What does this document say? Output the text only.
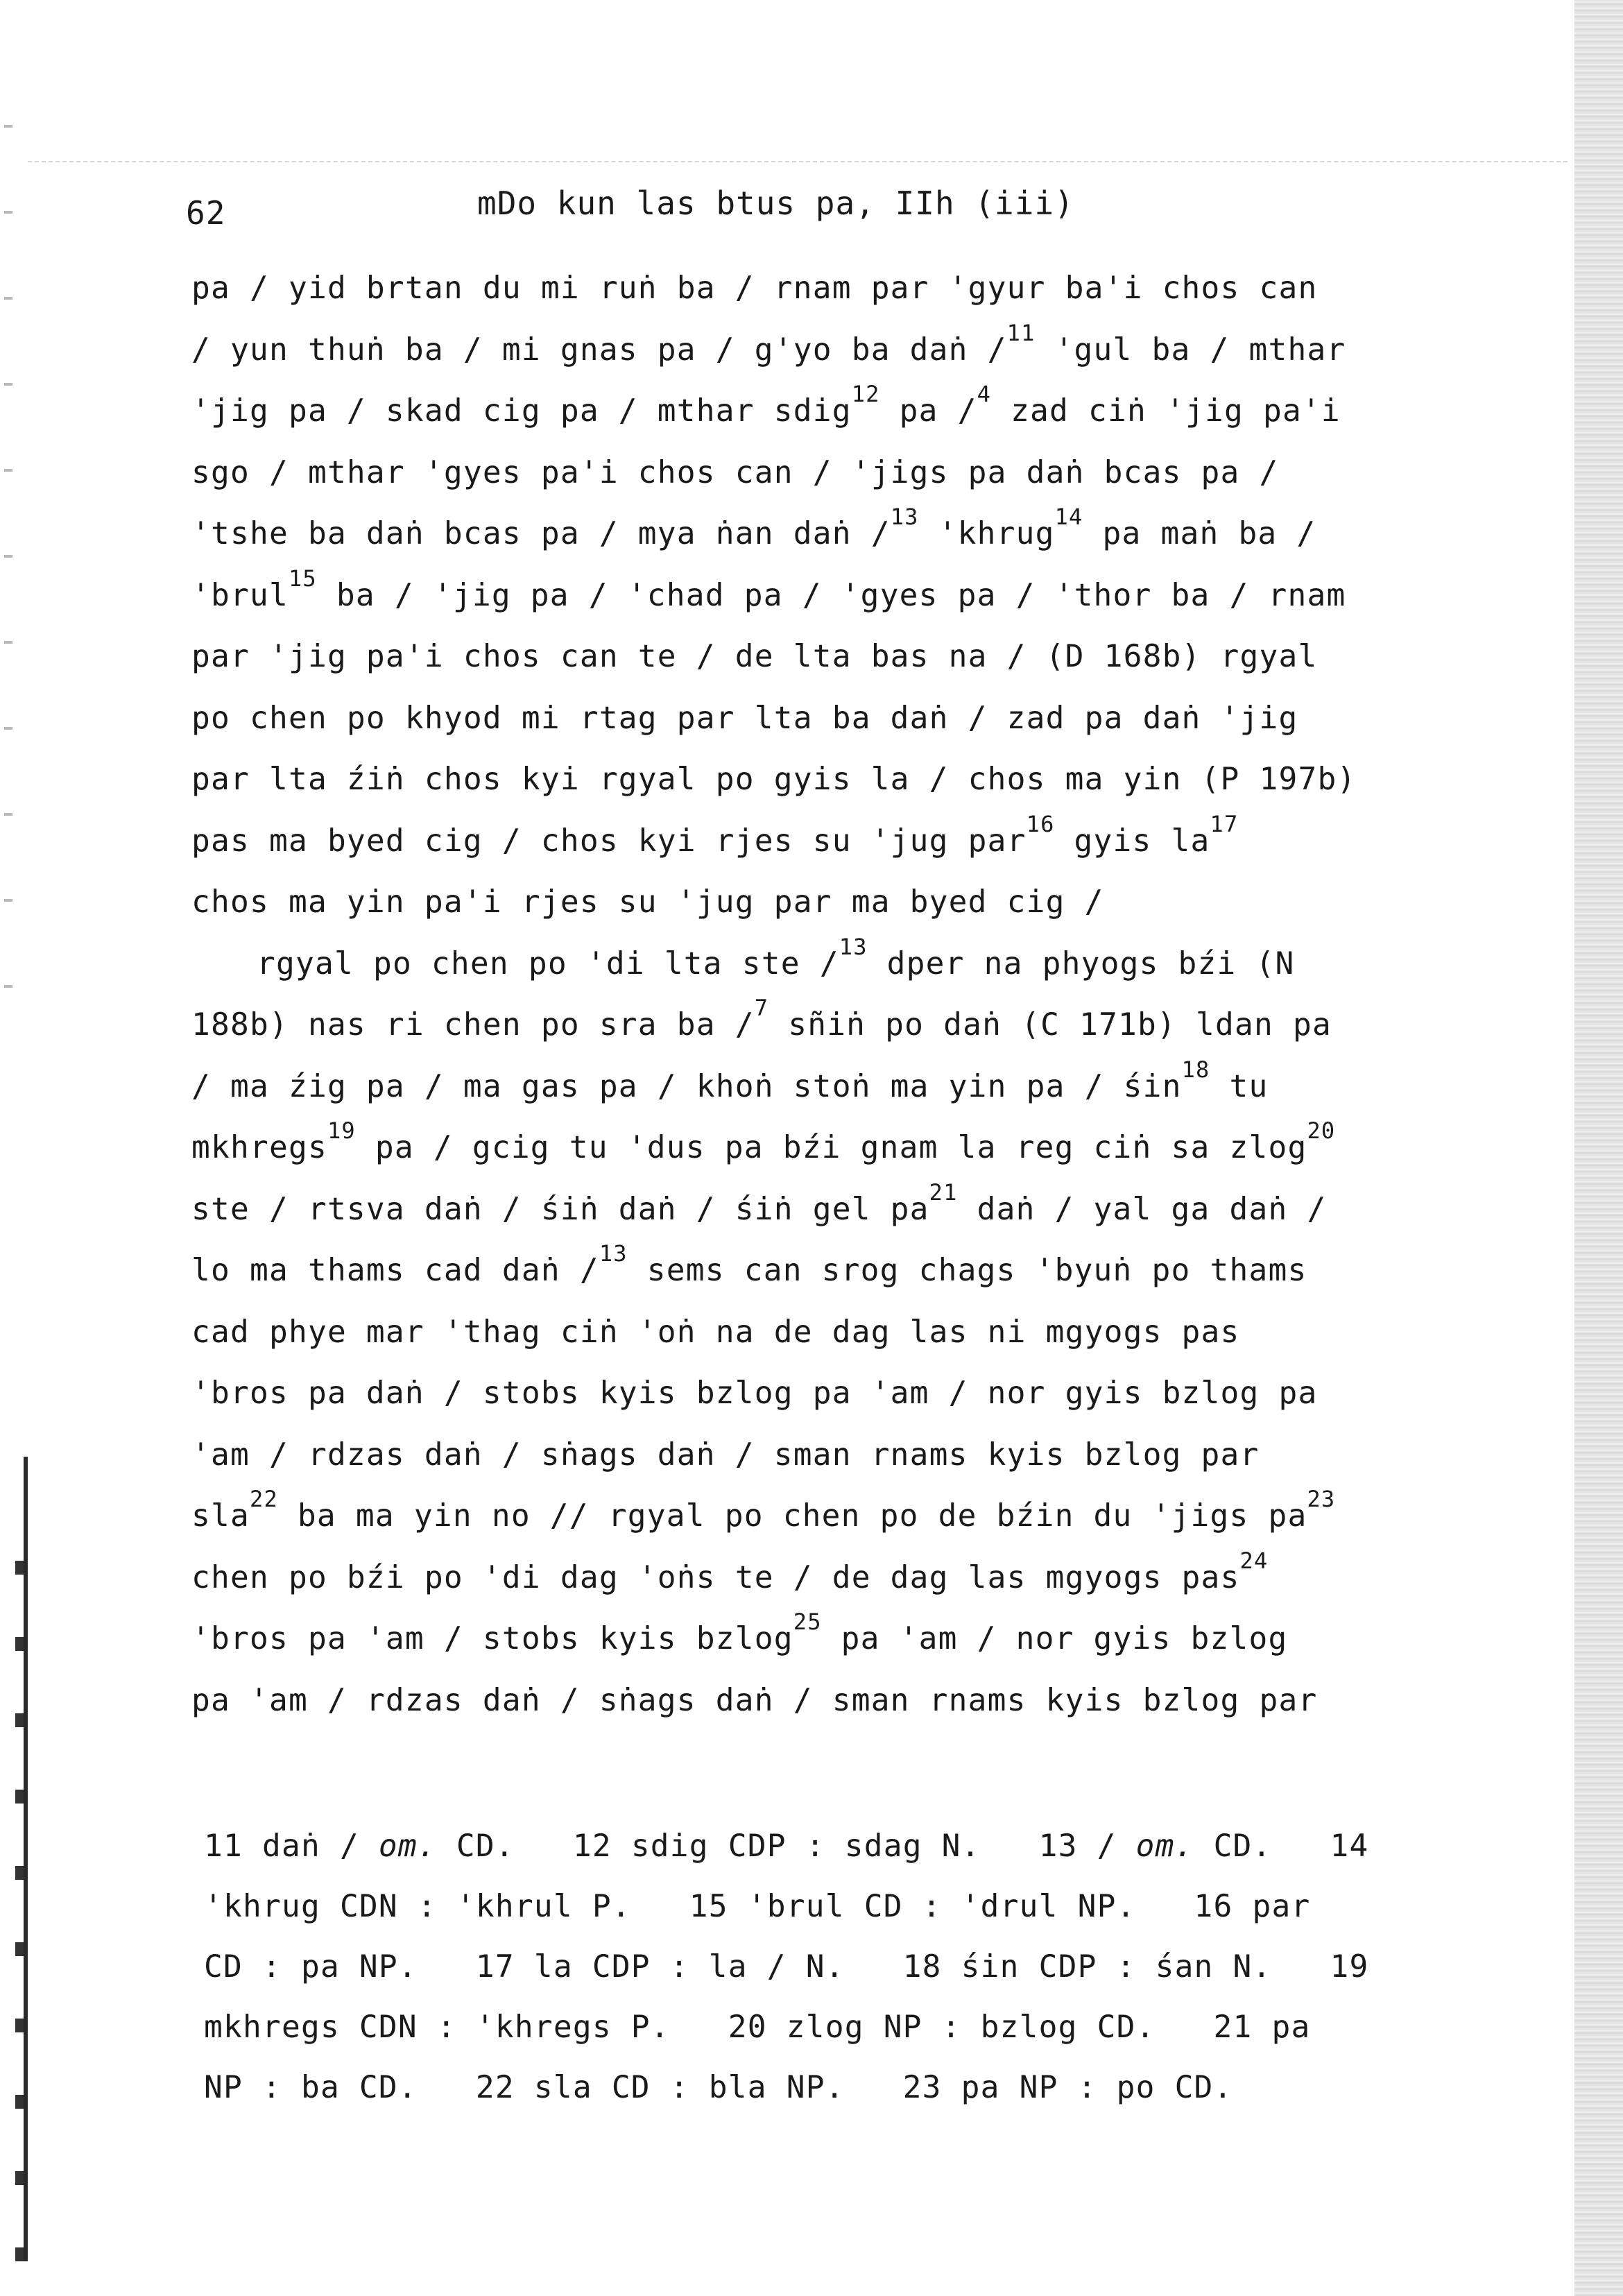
62	mDo kun las btus pa, IIh (iii)
pa / yid brtan du mi ruṅ ba / rnam par 'gyur ba'i chos can
/ yun thuṅ ba / mi gnas pa / g'yo ba daṅ /$^{11}$ 'gul ba / mthar
'jig pa / skad cig pa / mthar sdig$^{12}$ pa /$^4$ zad ciṅ 'jig pa'i
sgo / mthar 'gyes pa'i chos can / 'jigs pa daṅ bcas pa /
'tshe ba daṅ bcas pa / mya ṅan daṅ /$^{13}$ 'khrug$^{14}$ pa maṅ ba /
'brul$^{15}$ ba / 'jig pa / 'chad pa / 'gyes pa / 'thor ba / rnam
par 'jig pa'i chos can te / de lta bas na / (D 168b) rgyal
po chen po khyod mi rtag par lta ba daṅ / zad pa daṅ 'jig
par lta źiṅ chos kyi rgyal po gyis la / chos ma yin (P 197b)
pas ma byed cig / chos kyi rjes su 'jug par$^{16}$ gyis $la^{17}$
chos ma yin pa'i rjes su 'jug par ma byed cig /
rgyal po chen po 'di lta ste /$^{13}$ dper na phyogs bźi (N
188b) nas ri chen po sra ba /$^7$ sñiṅ po daṅ (C 171b) ldan pa
/ ma źig pa / ma gas pa / khoṅ stoṅ ma yin pa / śin$^{18}$ tu
mkhregs$^{19}$ pa / gcig tu 'dus pa bźi gnam la reg ciṅ sa zlog$^{20}$
ste / rtsva daṅ / śiṅ daṅ / śiṅ gel $pa^{21}$ daṅ / yal ga daṅ /
lo ma thams cad daṅ /$^{13}$ sems can srog chags 'byuṅ po thams
cad phye mar 'thag ciṅ 'oṅ na de dag las ni mgyogs pas
'bros pa daṅ / stobs kyis bzlog pa 'am / nor gyis bzlog pa
'am / rdzas daṅ / sṅags daṅ / sman rnams kyis bzlog par
sla$^{22}$ ba ma yin no // rgyal po chen po de bźin du 'jigs $pa^{23}$
chen po bźi po 'di dag 'oṅs te / de dag las mgyogs pas$^{24}$
'bros pa 'am / stobs kyis bzlog$^{25}$ pa 'am / nor gyis bzlog
pa 'am / rdzas daṅ / sṅags daṅ / sman rnams kyis bzlog par
11 daṅ / om. CD.   12 sdig CDP : sdag N.   13 / om. CD.   14
'khrug CDN : 'khrul P.   15 'brul CD : 'drul NP.   16 par
CD : pa NP.   17 la CDP : la / N.   18 śin CDP : śan N.   19
mkhregs CDN : 'khregs P.   20 zlog NP : bzlog CD.   21 pa
NP : ba CD.   22 sla CD : bla NP.   23 pa NP : po CD.
